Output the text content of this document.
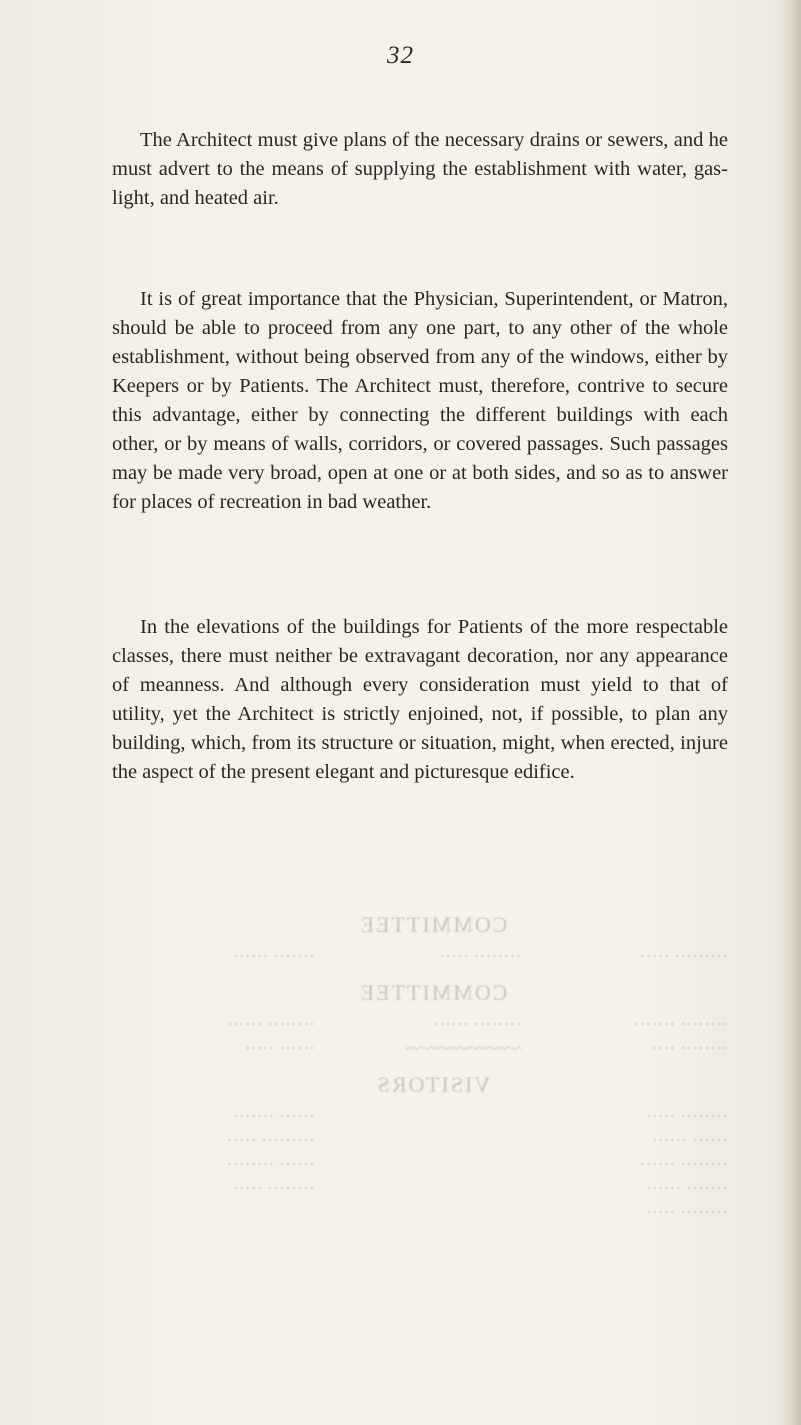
32

The Architect must give plans of the necessary drains or sewers, and he must advert to the means of supplying the establishment with water, gas-light, and heated air.

It is of great importance that the Physician, Superintendent, or Matron, should be able to proceed from any one part, to any other of the whole establishment, without being observed from any of the windows, either by Keepers or by Patients. The Architect must, therefore, contrive to secure this advantage, either by connecting the different buildings with each other, or by means of walls, corridors, or covered passages. Such passages may be made very broad, open at one or at both sides, and so as to answer for places of recreation in bad weather.

In the elevations of the buildings for Patients of the more respectable classes, there must neither be extravagant decoration, nor any appearance of meanness. And although every consideration must yield to that of utility, yet the Architect is strictly enjoined, not, if possible, to plan any building, which, from its structure or situation, might, when erected, injure the aspect of the present elegant and picturesque edifice.

COMMITTEE
········· ·····
········ ·····
······· ······
COMMITTEE
········ ·······
········ ····
········ ······
~~~~~~~~~~~~
········ ······
······ ·····
VISITORS
········ ·····
······ ······
········ ······
······· ······
········ ·····
······ ·······
········· ·····
······ ········
········ ·····
